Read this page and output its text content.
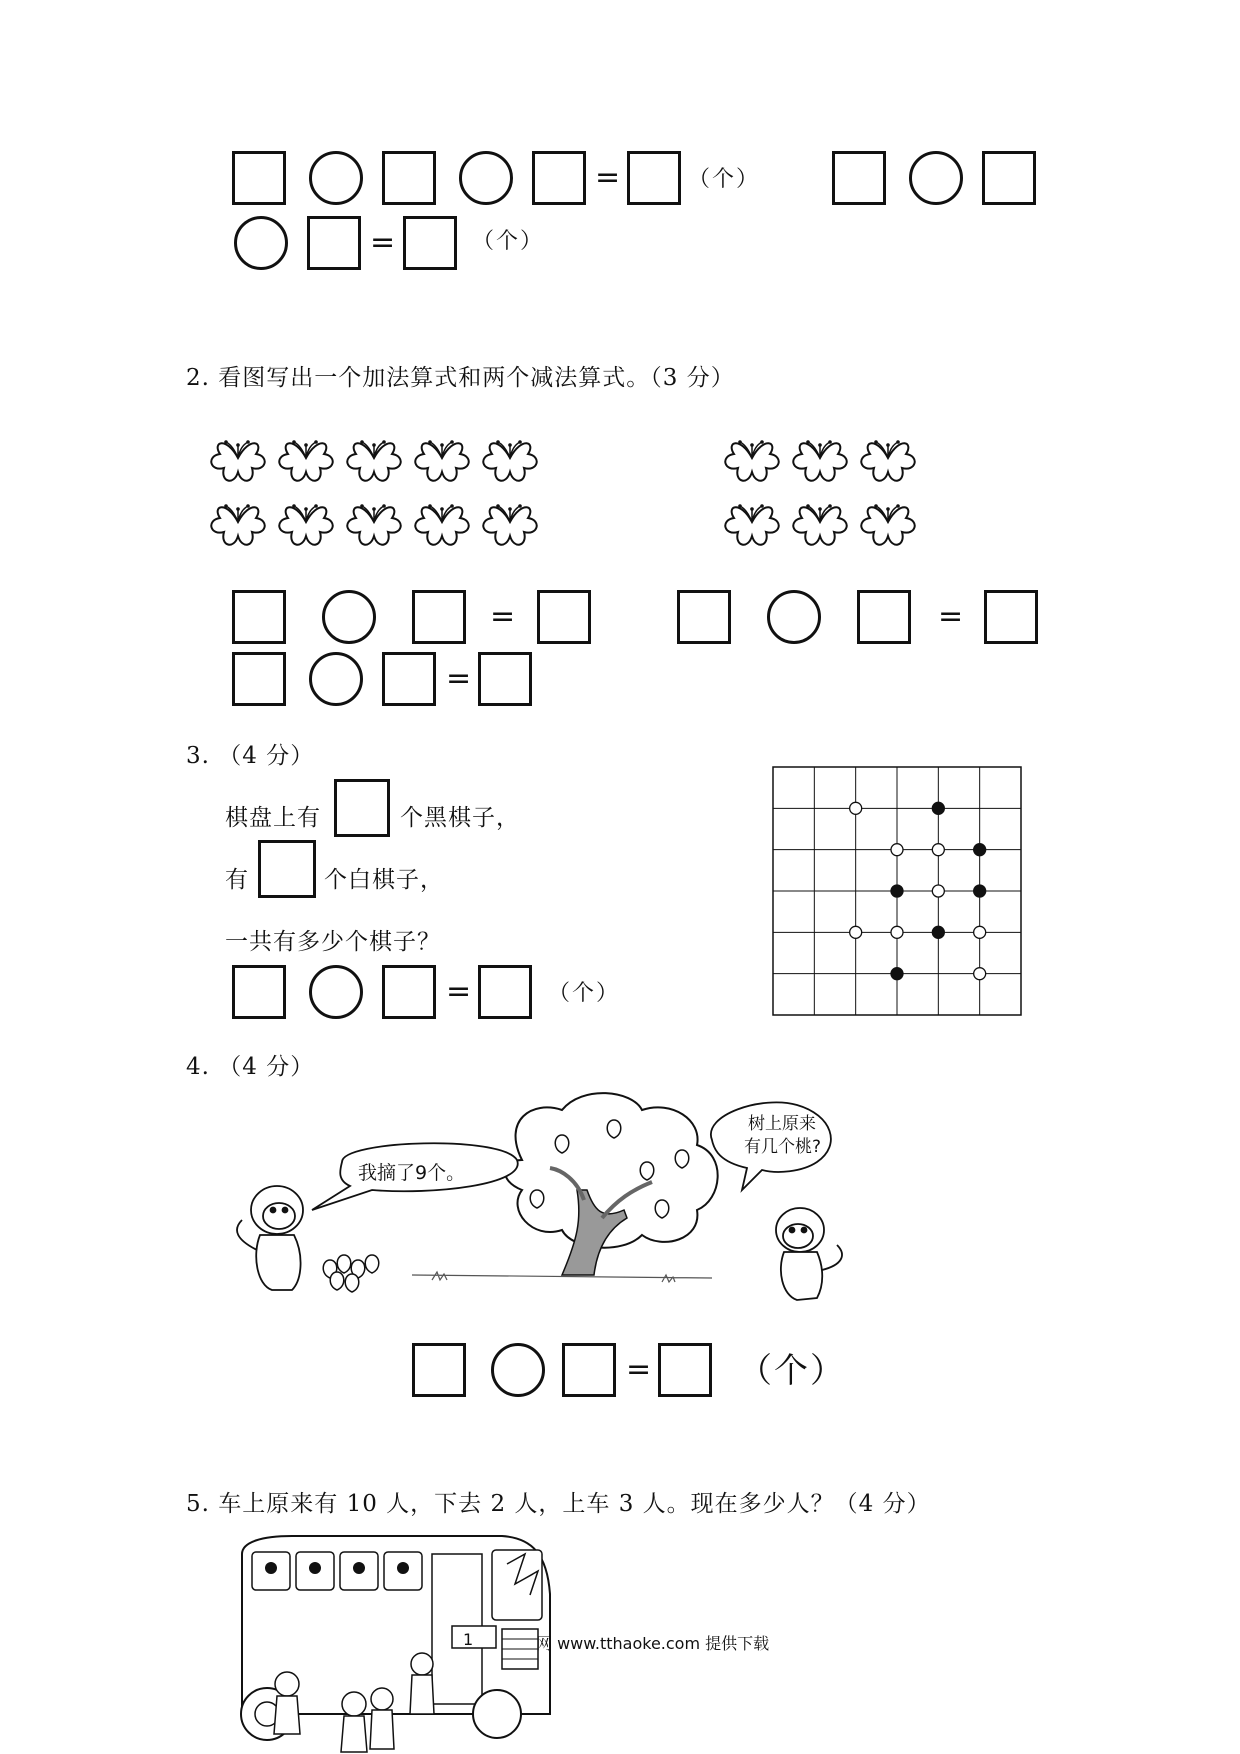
=	（个）
=	（个）
2. 看图写出一个加法算式和两个减法算式。（3 分）
=	=
=
3. （4 分）
棋盘上有	个黑棋子，
有	个白棋子，
一共有多少个棋子？
=	（个）
4. （4 分）
我摘了9个。
树上原来
有几个桃?
=	（个）
5. 车上原来有 10 人，下去 2 人，上车 3 人。现在多少人？（4 分）
1	网 www.tthaoke.com 提供下载
